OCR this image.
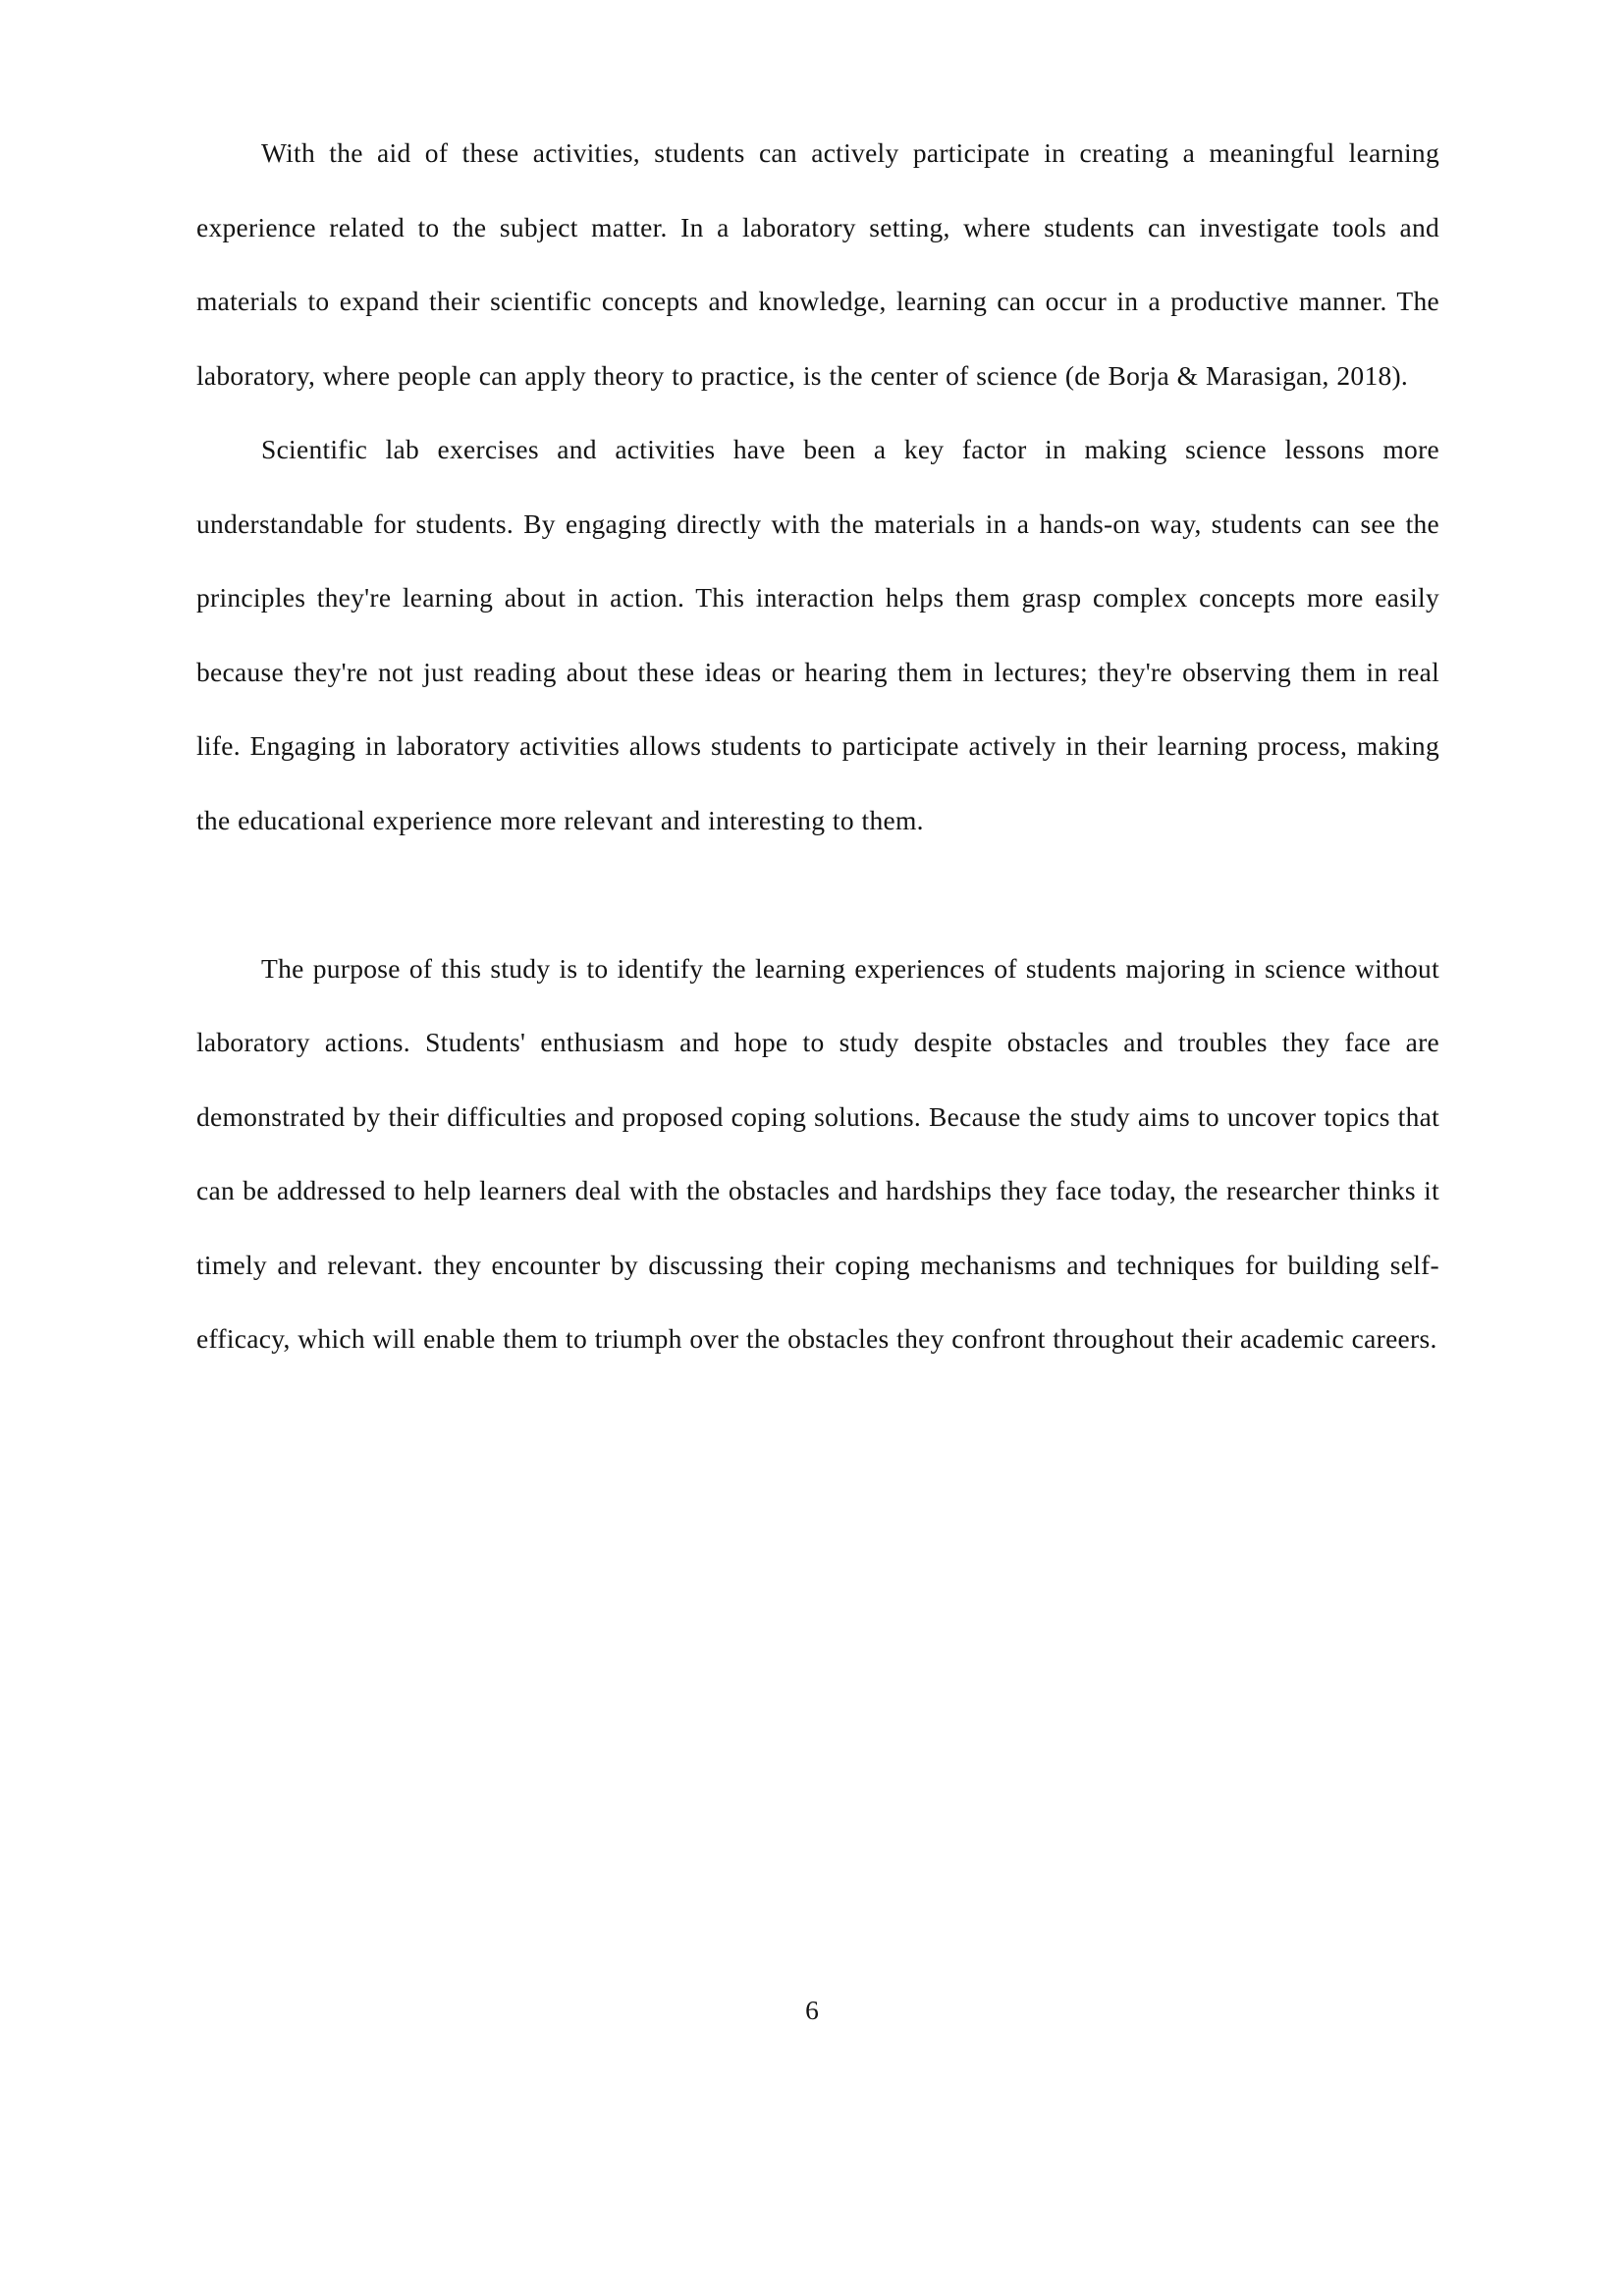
With the aid of these activities, students can actively participate in creating a meaningful learning experience related to the subject matter. In a laboratory setting, where students can investigate tools and materials to expand their scientific concepts and knowledge, learning can occur in a productive manner. The laboratory, where people can apply theory to practice, is the center of science (de Borja & Marasigan, 2018).

Scientific lab exercises and activities have been a key factor in making science lessons more understandable for students. By engaging directly with the materials in a hands-on way, students can see the principles they're learning about in action. This interaction helps them grasp complex concepts more easily because they're not just reading about these ideas or hearing them in lectures; they're observing them in real life. Engaging in laboratory activities allows students to participate actively in their learning process, making the educational experience more relevant and interesting to them.

The purpose of this study is to identify the learning experiences of students majoring in science without laboratory actions. Students' enthusiasm and hope to study despite obstacles and troubles they face are demonstrated by their difficulties and proposed coping solutions. Because the study aims to uncover topics that can be addressed to help learners deal with the obstacles and hardships they face today, the researcher thinks it timely and relevant. they encounter by discussing their coping mechanisms and techniques for building self-efficacy, which will enable them to triumph over the obstacles they confront throughout their academic careers.

6
